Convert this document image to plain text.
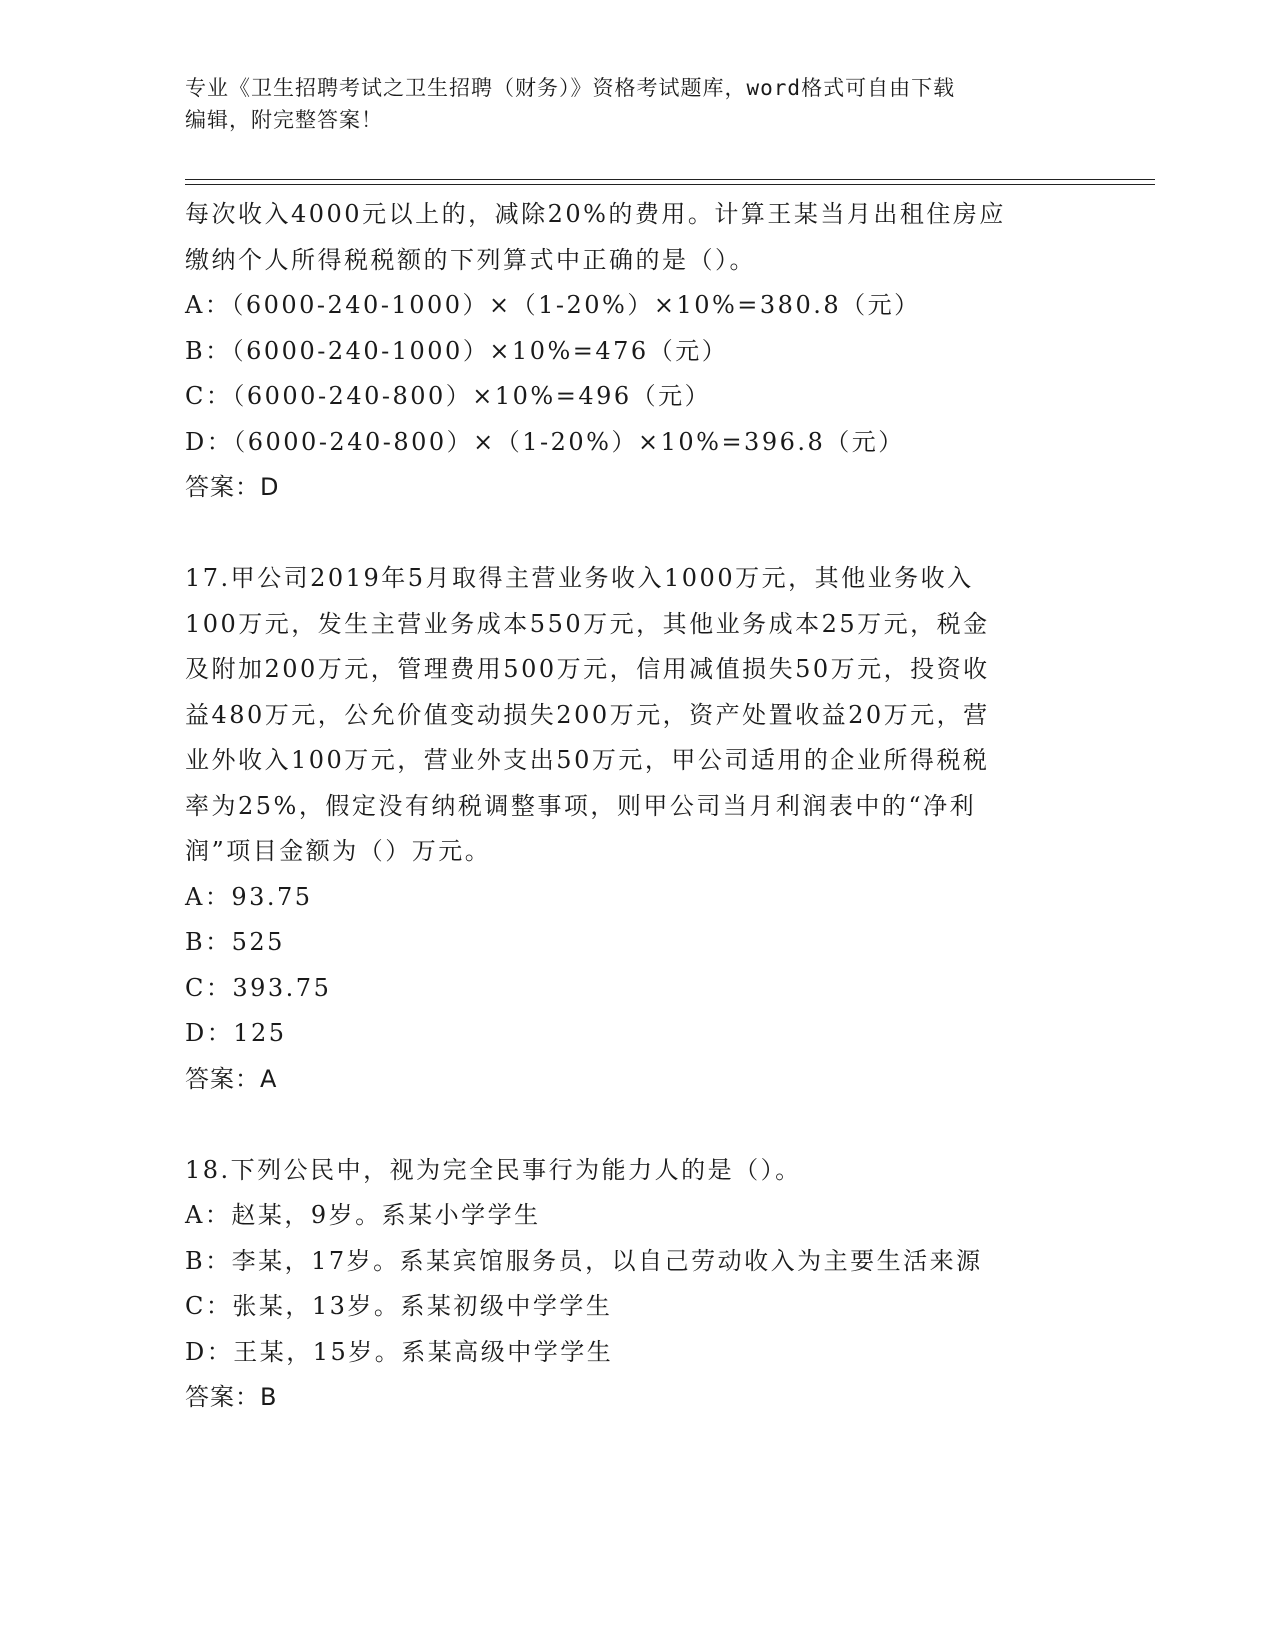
专业《卫生招聘考试之卫生招聘（财务）》资格考试题库，word格式可自由下载
编辑，附完整答案！
每次收入4000元以上的，减除20%的费用。计算王某当月出租住房应
缴纳个人所得税税额的下列算式中正确的是（）。
A：（6000-240-1000）×（1-20%）×10%=380.8（元）
B：（6000-240-1000）×10%=476（元）
C：（6000-240-800）×10%=496（元）
D：（6000-240-800）×（1-20%）×10%=396.8（元）
答案：D
17.甲公司2019年5月取得主营业务收入1000万元，其他业务收入
100万元，发生主营业务成本550万元，其他业务成本25万元，税金
及附加200万元，管理费用500万元，信用减值损失50万元，投资收
益480万元，公允价值变动损失200万元，资产处置收益20万元，营
业外收入100万元，营业外支出50万元，甲公司适用的企业所得税税
率为25%，假定没有纳税调整事项，则甲公司当月利润表中的“净利
润”项目金额为（）万元。
A：93.75
B：525
C：393.75
D：125
答案：A
18.下列公民中，视为完全民事行为能力人的是（）。
A：赵某，9岁。系某小学学生
B：李某，17岁。系某宾馆服务员，以自己劳动收入为主要生活来源
C：张某，13岁。系某初级中学学生
D：王某，15岁。系某高级中学学生
答案：B
